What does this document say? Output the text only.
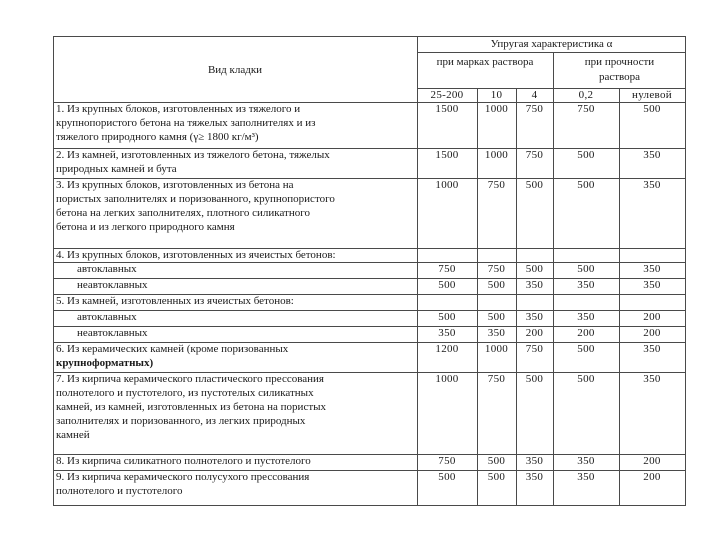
Вид кладки
Упругая характеристика α
при марках раствора	при прочности
раствора
25-200	10	4	0,2	нулевой
1. Из крупных блоков, изготовленных из тяжелого и
крупнопористого бетона на тяжелых заполнителях и из
тяжелого природного камня (γ≥ 1800 кг/м³)
1500	1000	750	750	500
2. Из камней, изготовленных из тяжелого бетона, тяжелых
природных камней и бута
1500	1000	750	500	350
3. Из крупных блоков, изготовленных из бетона на
пористых заполнителях и поризованного, крупнопористого
бетона на легких заполнителях, плотного силикатного
бетона и из легкого природного камня
1000	750	500	500	350
4. Из крупных блоков, изготовленных из ячеистых бетонов:
автоклавных	750	750	500	500	350
неавтоклавных	500	500	350	350	350
5. Из камней, изготовленных из ячеистых бетонов:
автоклавных	500	500	350	350	200
неавтоклавных	350	350	200	200	200
6. Из керамических камней (кроме поризованных
крупноформатных)
1200	1000	750	500	350
7. Из кирпича керамического пластического прессования
полнотелого и пустотелого, из пустотелых силикатных
камней, из камней, изготовленных из бетона на пористых
заполнителях и поризованного, из легких природных
камней
1000	750	500	500	350
8. Из кирпича силикатного полнотелого и пустотелого	750	500	350	350	200
9. Из кирпича керамического полусухого прессования
полнотелого и пустотелого
500	500	350	350	200
